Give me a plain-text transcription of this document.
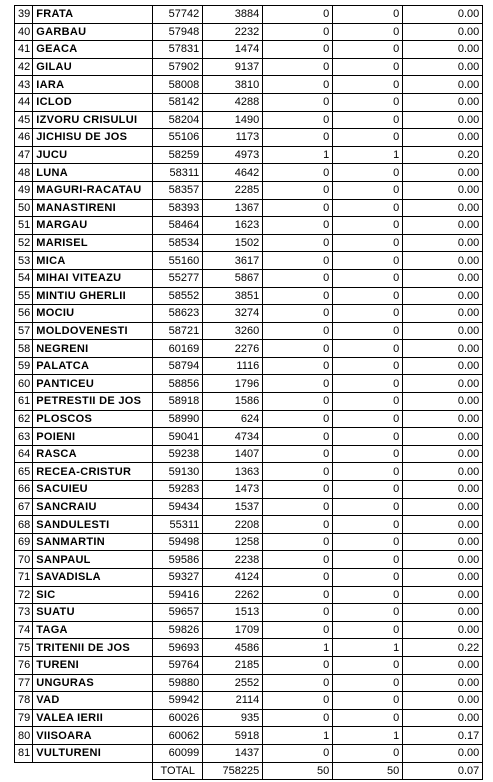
39	FRATA	57742	3884	0	0	0.00
40	GARBAU	57948	2232	0	0	0.00
41	GEACA	57831	1474	0	0	0.00
42	GILAU	57902	9137	0	0	0.00
43	IARA	58008	3810	0	0	0.00
44	ICLOD	58142	4288	0	0	0.00
45	IZVORU CRISULUI	58204	1490	0	0	0.00
46	JICHISU DE JOS	55106	1173	0	0	0.00
47	JUCU	58259	4973	1	1	0.20
48	LUNA	58311	4642	0	0	0.00
49	MAGURI-RACATAU	58357	2285	0	0	0.00
50	MANASTIRENI	58393	1367	0	0	0.00
51	MARGAU	58464	1623	0	0	0.00
52	MARISEL	58534	1502	0	0	0.00
53	MICA	55160	3617	0	0	0.00
54	MIHAI VITEAZU	55277	5867	0	0	0.00
55	MINTIU GHERLII	58552	3851	0	0	0.00
56	MOCIU	58623	3274	0	0	0.00
57	MOLDOVENESTI	58721	3260	0	0	0.00
58	NEGRENI	60169	2276	0	0	0.00
59	PALATCA	58794	1116	0	0	0.00
60	PANTICEU	58856	1796	0	0	0.00
61	PETRESTII DE JOS	58918	1586	0	0	0.00
62	PLOSCOS	58990	624	0	0	0.00
63	POIENI	59041	4734	0	0	0.00
64	RASCA	59238	1407	0	0	0.00
65	RECEA-CRISTUR	59130	1363	0	0	0.00
66	SACUIEU	59283	1473	0	0	0.00
67	SANCRAIU	59434	1537	0	0	0.00
68	SANDULESTI	55311	2208	0	0	0.00
69	SANMARTIN	59498	1258	0	0	0.00
70	SANPAUL	59586	2238	0	0	0.00
71	SAVADISLA	59327	4124	0	0	0.00
72	SIC	59416	2262	0	0	0.00
73	SUATU	59657	1513	0	0	0.00
74	TAGA	59826	1709	0	0	0.00
75	TRITENII DE JOS	59693	4586	1	1	0.22
76	TURENI	59764	2185	0	0	0.00
77	UNGURAS	59880	2552	0	0	0.00
78	VAD	59942	2114	0	0	0.00
79	VALEA IERII	60026	935	0	0	0.00
80	VIISOARA	60062	5918	1	1	0.17
81	VULTURENI	60099	1437	0	0	0.00
		TOTAL	758225	50	50	0.07
